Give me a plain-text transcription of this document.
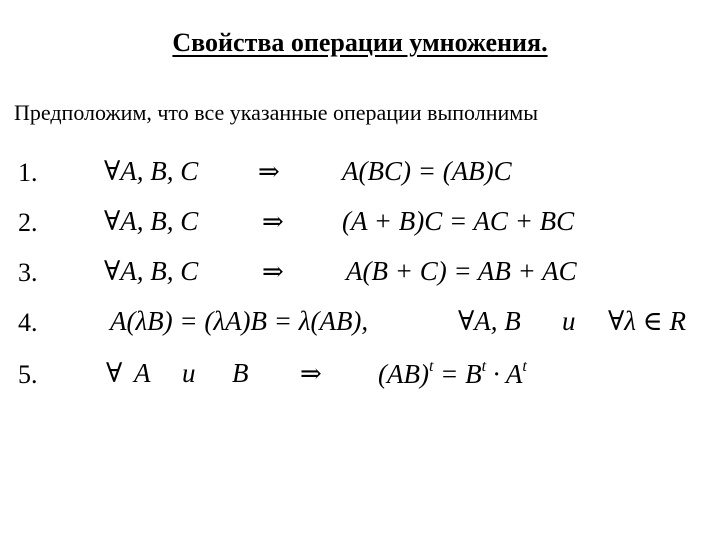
Свойства операции умножения.
Предположим, что все указанные операции выполнимы
1. ∀A, B, C ⇒ A(BC) = (AB)C
2. ∀A, B, C ⇒ (A + B)C = AC + BC
3. ∀A, B, C ⇒ A(B + C) = AB + AC
4.	A(λB) = (λA)B = λ(AB),	∀A, B и ∀λ ∈ R
5.	∀ A и B ⇒ $(AB)^t = B^t \cdot A^t$
